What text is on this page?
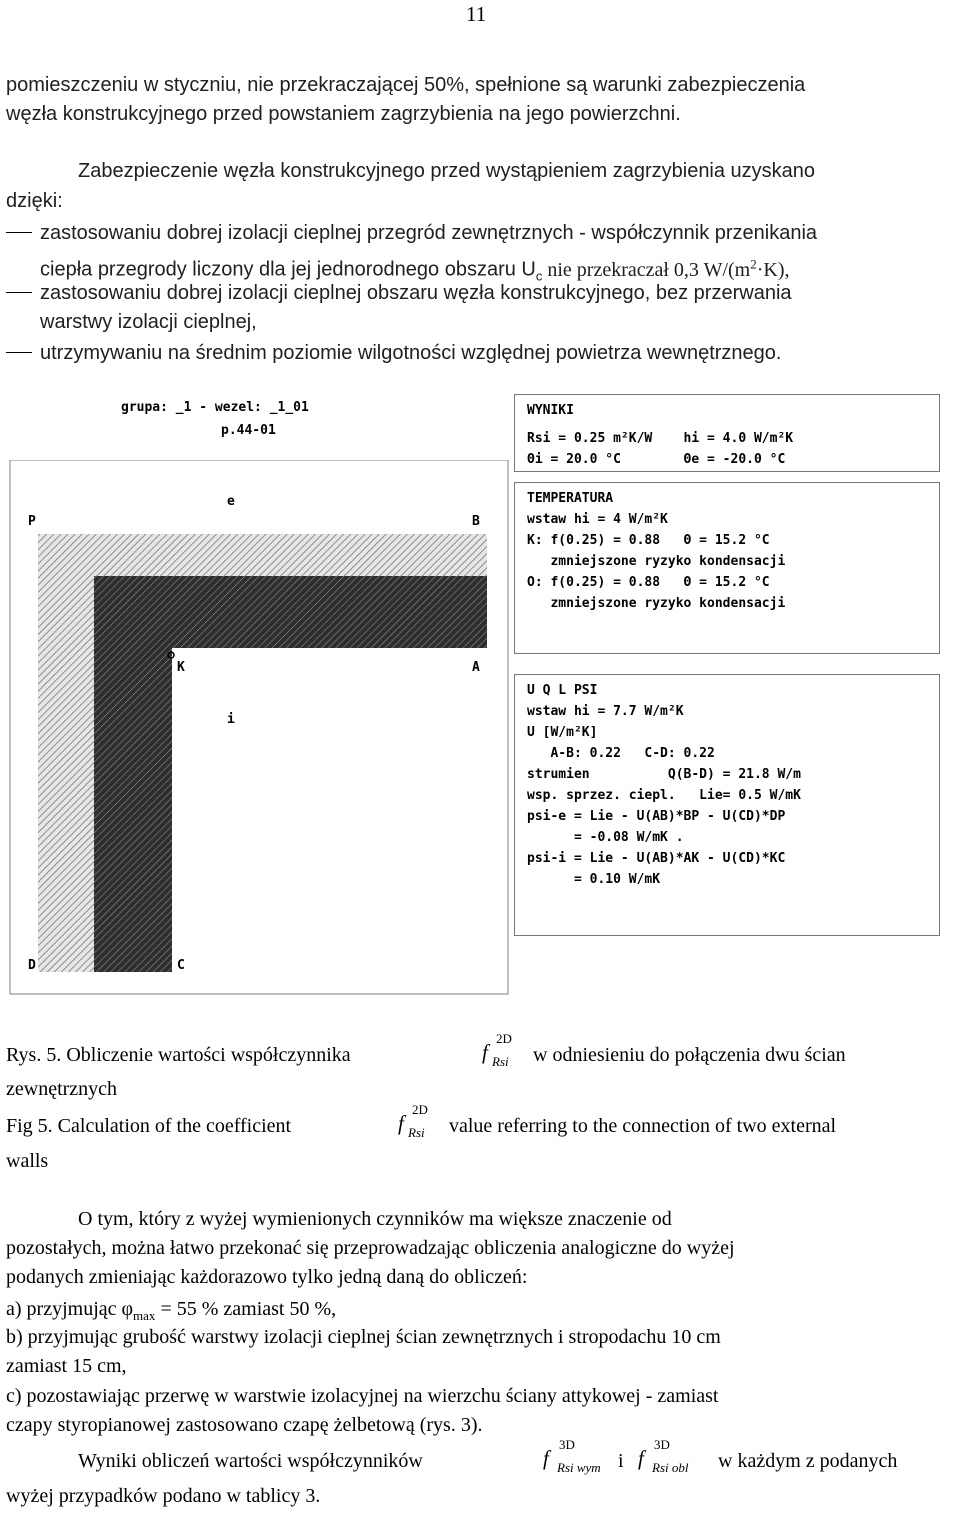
11
pomieszczeniu w styczniu, nie przekraczającej 50%, spełnione są warunki zabezpieczenia
węzła konstrukcyjnego przed powstaniem zagrzybienia na jego powierzchni.
Zabezpieczenie węzła konstrukcyjnego przed wystąpieniem zagrzybienia uzyskano
dzięki:
zastosowaniu dobrej izolacji cieplnej przegród zewnętrznych - współczynnik przenikania
ciepła przegrody liczony dla jej jednorodnego obszaru $U_c$ nie przekraczał 0,3 $W/(m^2\cdot K)$,
zastosowaniu dobrej izolacji cieplnej obszaru węzła konstrukcyjnego, bez przerwania
warstwy izolacji cieplnej,
utrzymywaniu na średnim poziomie wilgotności względnej powietrza wewnętrznego.
grupa: _1 - wezel: _1_01
p.44-01
P
e
B
K	A
i
D	C
WYNIKI
Rsi = 0.25 m²K/W    hi = 4.0 W/m²K
Θi = 20.0 °C        Θe = -20.0 °C
TEMPERATURA
wstaw hi = 4 W/m²K
K: f(0.25) = 0.88   Θ = 15.2 °C
zmniejszone ryzyko kondensacji
O: f(0.25) = 0.88   Θ = 15.2 °C
zmniejszone ryzyko kondensacji
U Q L PSI
wstaw hi = 7.7 W/m²K
U [W/m²K]
A-B: 0.22   C-D: 0.22
strumien          Q(B-D) = 21.8 W/m
wsp. sprzez. ciepl.   Lie= 0.5 W/mK
psi-e = Lie - U(AB)*BP - U(CD)*DP
= -0.08 W/mK .
psi-i = Lie - U(AB)*AK - U(CD)*KC
= 0.10 W/mK
Rys. 5. Obliczenie wartości współczynnika	w odniesieniu do połączenia dwu ścian
f
2D
Rsi
zewnętrznych
Fig 5. Calculation of the coefficient	value referring to the connection of two external
f
2D
Rsi
walls
O tym, który z wyżej wymienionych czynników ma większe znaczenie od
pozostałych, można łatwo przekonać się przeprowadzając obliczenia analogiczne do wyżej
podanych zmieniając każdorazowo tylko jedną daną do obliczeń:
a) przyjmując $\varphi_{max} = 55$ % zamiast 50 %,
b) przyjmując grubość warstwy izolacji cieplnej ścian zewnętrznych i stropodachu 10 cm
zamiast 15 cm,
c) pozostawiając przerwę w warstwie izolacyjnej na wierzchu ściany attykowej - zamiast
czapy styropianowej zastosowano czapę żelbetową (rys. 3).
Wyniki obliczeń wartości współczynników	i	w każdym z podanych
f
3D
Rsi wym f
3D
Rsi obl
wyżej przypadków podano w tablicy 3.
